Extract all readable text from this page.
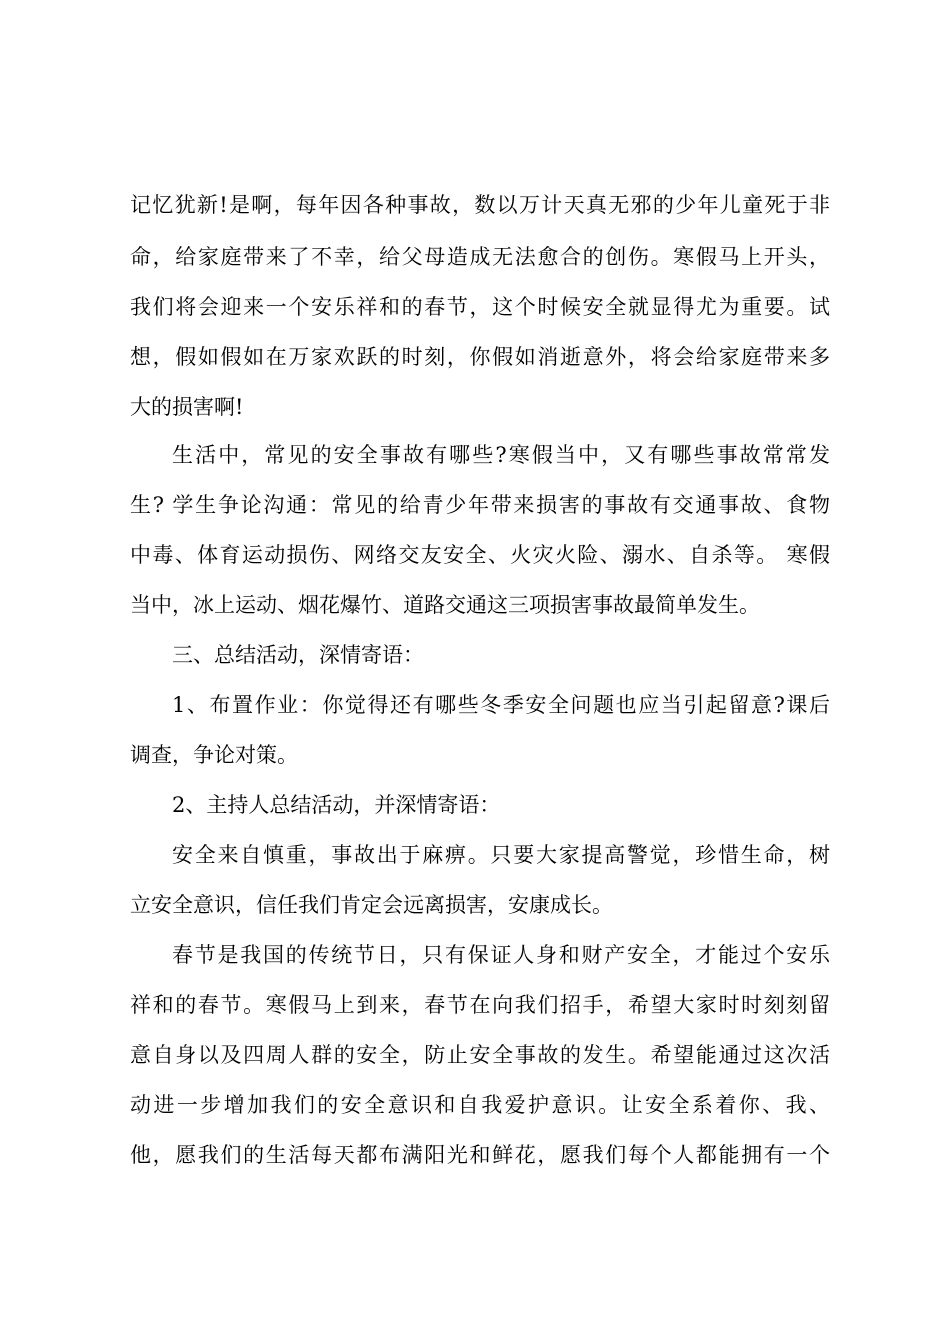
记忆犹新!是啊，每年因各种事故，数以万计天真无邪的少年儿童死于非
命，给家庭带来了不幸，给父母造成无法愈合的创伤。寒假马上开头，
我们将会迎来一个安乐祥和的春节，这个时候安全就显得尤为重要。试
想，假如假如在万家欢跃的时刻，你假如消逝意外，将会给家庭带来多
大的损害啊!
生活中，常见的安全事故有哪些?寒假当中，又有哪些事故常常发
生? 学生争论沟通：常见的给青少年带来损害的事故有交通事故、食物
中毒、体育运动损伤、网络交友安全、火灾火险、溺水、自杀等。 寒假
当中，冰上运动、烟花爆竹、道路交通这三项损害事故最简单发生。
三、总结活动，深情寄语：
1、布置作业：你觉得还有哪些冬季安全问题也应当引起留意?课后
调查，争论对策。
2、主持人总结活动，并深情寄语：
安全来自慎重，事故出于麻痹。只要大家提高警觉，珍惜生命，树
立安全意识，信任我们肯定会远离损害，安康成长。
春节是我国的传统节日，只有保证人身和财产安全，才能过个安乐
祥和的春节。寒假马上到来，春节在向我们招手，希望大家时时刻刻留
意自身以及四周人群的安全，防止安全事故的发生。希望能通过这次活
动进一步增加我们的安全意识和自我爱护意识。让安全系着你、我、
他，愿我们的生活每天都布满阳光和鲜花，愿我们每个人都能拥有一个
